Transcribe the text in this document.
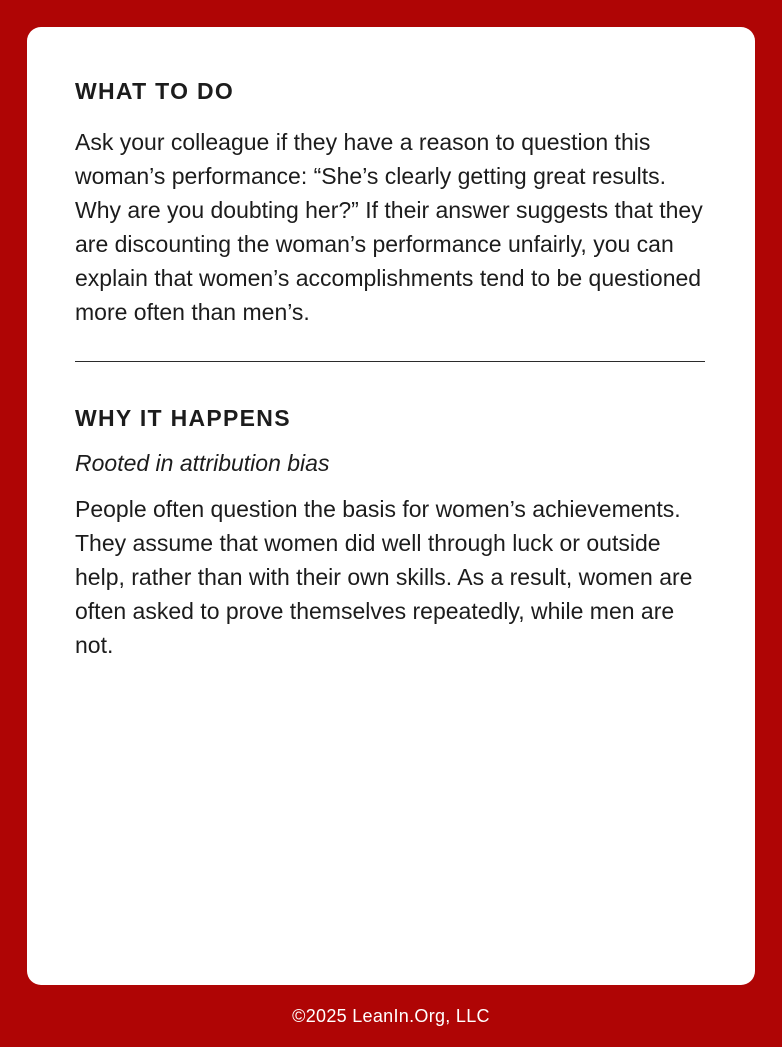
WHAT TO DO

Ask your colleague if they have a reason to question this woman’s performance: “She’s clearly getting great results. Why are you doubting her?” If their answer suggests that they are discounting the woman’s performance unfairly, you can explain that women’s accomplishments tend to be questioned more often than men’s.

WHY IT HAPPENS

Rooted in attribution bias

People often question the basis for women’s achievements. They assume that women did well through luck or outside help, rather than with their own skills. As a result, women are often asked to prove themselves repeatedly, while men are not.

©2025 LeanIn.Org, LLC
